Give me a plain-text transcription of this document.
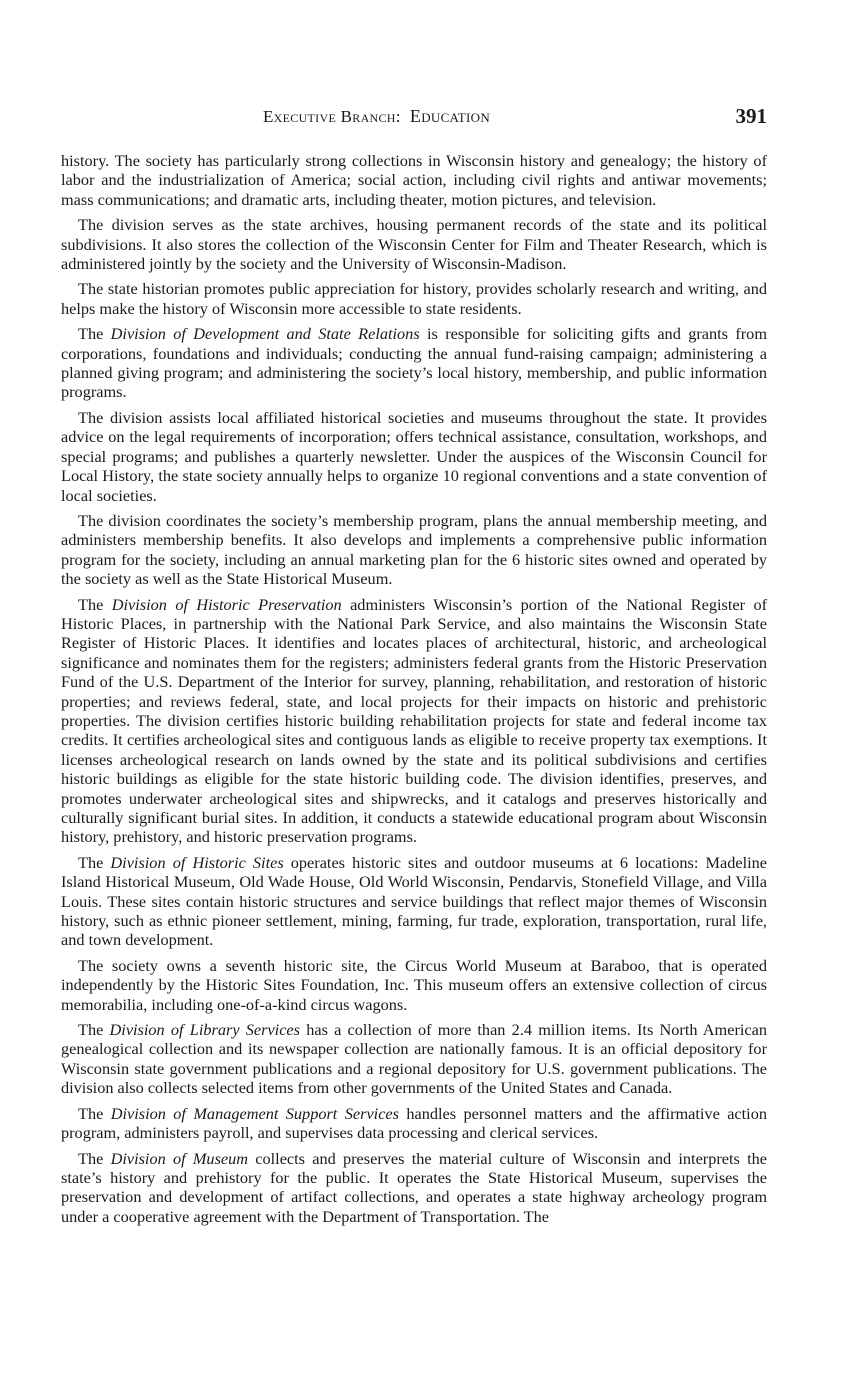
Executive Branch: Education	391

history. The society has particularly strong collections in Wisconsin history and genealogy; the history of labor and the industrialization of America; social action, including civil rights and antiwar movements; mass communications; and dramatic arts, including theater, motion pictures, and television.

The division serves as the state archives, housing permanent records of the state and its political subdivisions. It also stores the collection of the Wisconsin Center for Film and Theater Research, which is administered jointly by the society and the University of Wisconsin-Madison.

The state historian promotes public appreciation for history, provides scholarly research and writing, and helps make the history of Wisconsin more accessible to state residents.

The Division of Development and State Relations is responsible for soliciting gifts and grants from corporations, foundations and individuals; conducting the annual fund-raising campaign; administering a planned giving program; and administering the society’s local history, membership, and public information programs.

The division assists local affiliated historical societies and museums throughout the state. It provides advice on the legal requirements of incorporation; offers technical assistance, consultation, workshops, and special programs; and publishes a quarterly newsletter. Under the auspices of the Wisconsin Council for Local History, the state society annually helps to organize 10 regional conventions and a state convention of local societies.

The division coordinates the society’s membership program, plans the annual membership meeting, and administers membership benefits. It also develops and implements a comprehensive public information program for the society, including an annual marketing plan for the 6 historic sites owned and operated by the society as well as the State Historical Museum.

The Division of Historic Preservation administers Wisconsin’s portion of the National Register of Historic Places, in partnership with the National Park Service, and also maintains the Wisconsin State Register of Historic Places. It identifies and locates places of architectural, historic, and archeological significance and nominates them for the registers; administers federal grants from the Historic Preservation Fund of the U.S. Department of the Interior for survey, planning, rehabilitation, and restoration of historic properties; and reviews federal, state, and local projects for their impacts on historic and prehistoric properties. The division certifies historic building rehabilitation projects for state and federal income tax credits. It certifies archeological sites and contiguous lands as eligible to receive property tax exemptions. It licenses archeological research on lands owned by the state and its political subdivisions and certifies historic buildings as eligible for the state historic building code. The division identifies, preserves, and promotes underwater archeological sites and shipwrecks, and it catalogs and preserves historically and culturally significant burial sites. In addition, it conducts a statewide educational program about Wisconsin history, prehistory, and historic preservation programs.

The Division of Historic Sites operates historic sites and outdoor museums at 6 locations: Madeline Island Historical Museum, Old Wade House, Old World Wisconsin, Pendarvis, Stonefield Village, and Villa Louis. These sites contain historic structures and service buildings that reflect major themes of Wisconsin history, such as ethnic pioneer settlement, mining, farming, fur trade, exploration, transportation, rural life, and town development.

The society owns a seventh historic site, the Circus World Museum at Baraboo, that is operated independently by the Historic Sites Foundation, Inc. This museum offers an extensive collection of circus memorabilia, including one-of-a-kind circus wagons.

The Division of Library Services has a collection of more than 2.4 million items. Its North American genealogical collection and its newspaper collection are nationally famous. It is an official depository for Wisconsin state government publications and a regional depository for U.S. government publications. The division also collects selected items from other governments of the United States and Canada.

The Division of Management Support Services handles personnel matters and the affirmative action program, administers payroll, and supervises data processing and clerical services.

The Division of Museum collects and preserves the material culture of Wisconsin and interprets the state’s history and prehistory for the public. It operates the State Historical Museum, supervises the preservation and development of artifact collections, and operates a state highway archeology program under a cooperative agreement with the Department of Transportation. The
